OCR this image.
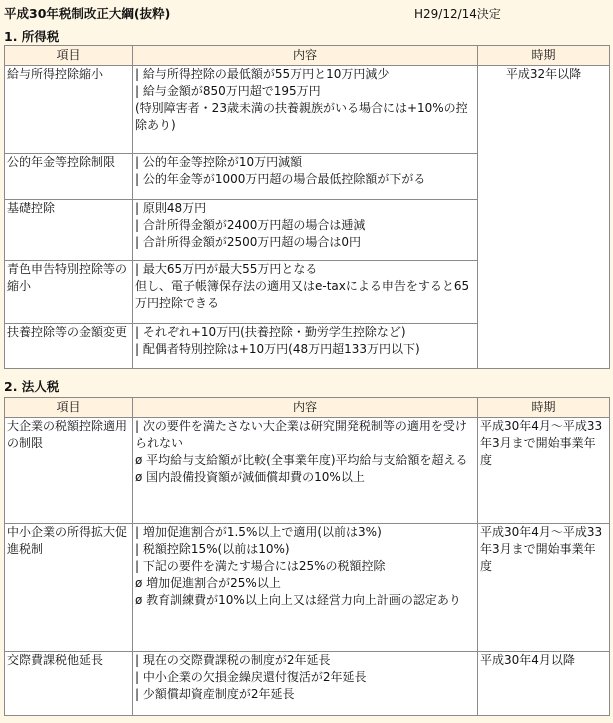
平成30年税制改正大綱(抜粋)	H29/12/14決定
1. 所得税
項目	内容	時期
給与所得控除縮小	| 給与所得控除の最低額が55万円と10万円減少
| 給与金額が850万円超で195万円
(特別障害者・23歳未満の扶養親族がいる場合には+10%の控除あり)	平成32年以降
公的年金等控除制限	| 公的年金等控除が10万円減額
| 公的年金等が1000万円超の場合最低控除額が下がる	

基礎控除	| 原則48万円
| 合計所得金額が2400万円超の場合は逓減
| 合計所得金額が2500万円超の場合は0円	

青色申告特別控除等の縮小	| 最大65万円が最大55万円となる
但し、電子帳簿保存法の適用又はe-taxによる申告をすると65万円控除できる	

扶養控除等の金額変更	| それぞれ+10万円(扶養控除・勤労学生控除など)
| 配偶者特別控除は+10万円(48万円超133万円以下)	
2. 法人税
項目	内容	時期
大企業の税額控除適用の制限	| 次の要件を満たさない大企業は研究開発税制等の適用を受けられない
ø 平均給与支給額が比較(全事業年度)平均給与支給額を超える
ø 国内設備投資額が減価償却費の10%以上	平成30年4月～平成33年3月まで開始事業年度
中小企業の所得拡大促進税制	| 増加促進割合が1.5%以上で適用(以前は3%)
| 税額控除15%(以前は10%)
| 下記の要件を満たす場合には25%の税額控除
ø 増加促進割合が25%以上
ø 教育訓練費が10%以上向上又は経営力向上計画の認定あり	平成30年4月～平成33年3月まで開始事業年度
交際費課税他延長	| 現在の交際費課税の制度が2年延長
| 中小企業の欠損金繰戻還付復活が2年延長
| 少額償却資産制度が2年延長	平成30年4月以降
